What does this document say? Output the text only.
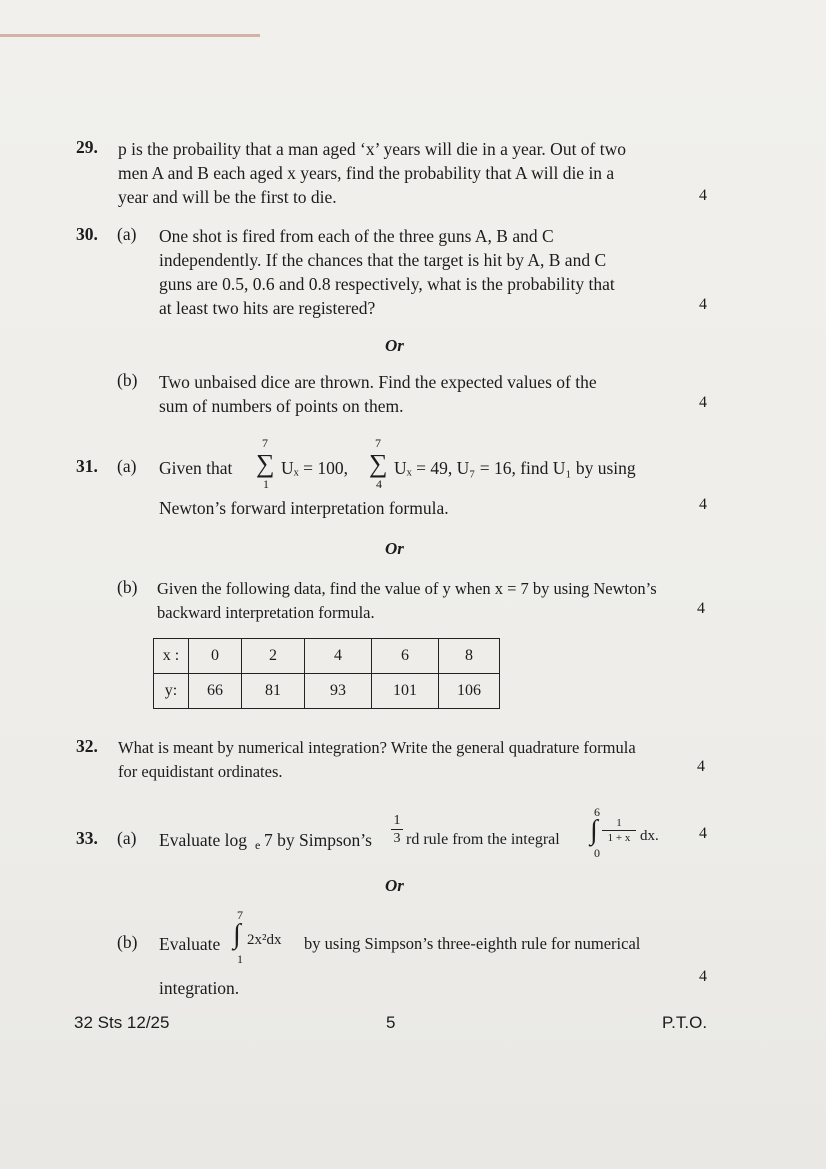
29. p is the probaility that a man aged ‘x’ years will die in a year. Out of two
men A and B each aged x years, find the probability that A will die in a
year and will be the first to die.	4
30. (a) One shot is fired from each of the three guns A, B and C
independently. If the chances that the target is hit by A, B and C
guns are 0.5, 0.6 and 0.8 respectively, what is the probability that
at least two hits are registered?	4
Or
(b) Two unbaised dice are thrown. Find the expected values of the
sum of numbers of points on them.	4
31. (a) Given that
7
∑
1
Uₓ = 100,
7
∑
4
Uₓ = 49, U₇ = 16, find U₁ by using
Newton’s forward interpretation formula.	4
Or
(b) Given the following data, find the value of y when x = 7 by using Newton’s
backward interpretation formula.	4
x :	0	2	4	6	8
y:	66	81	93	101	106
32. What is meant by numerical integration? Write the general quadrature formula
for equidistant ordinates.	4
33. (a) Evaluate log e 7 by Simpson’s $\frac{1}{3}$ rd rule from the integral
6
∫
0
$\frac{1}{1 + x}$ dx.	4
Or
(b) Evaluate
7
∫
1
2x²dx by using Simpson’s three-eighth rule for numerical
4
integration.
32 Sts 12/25	5	P.T.O.
